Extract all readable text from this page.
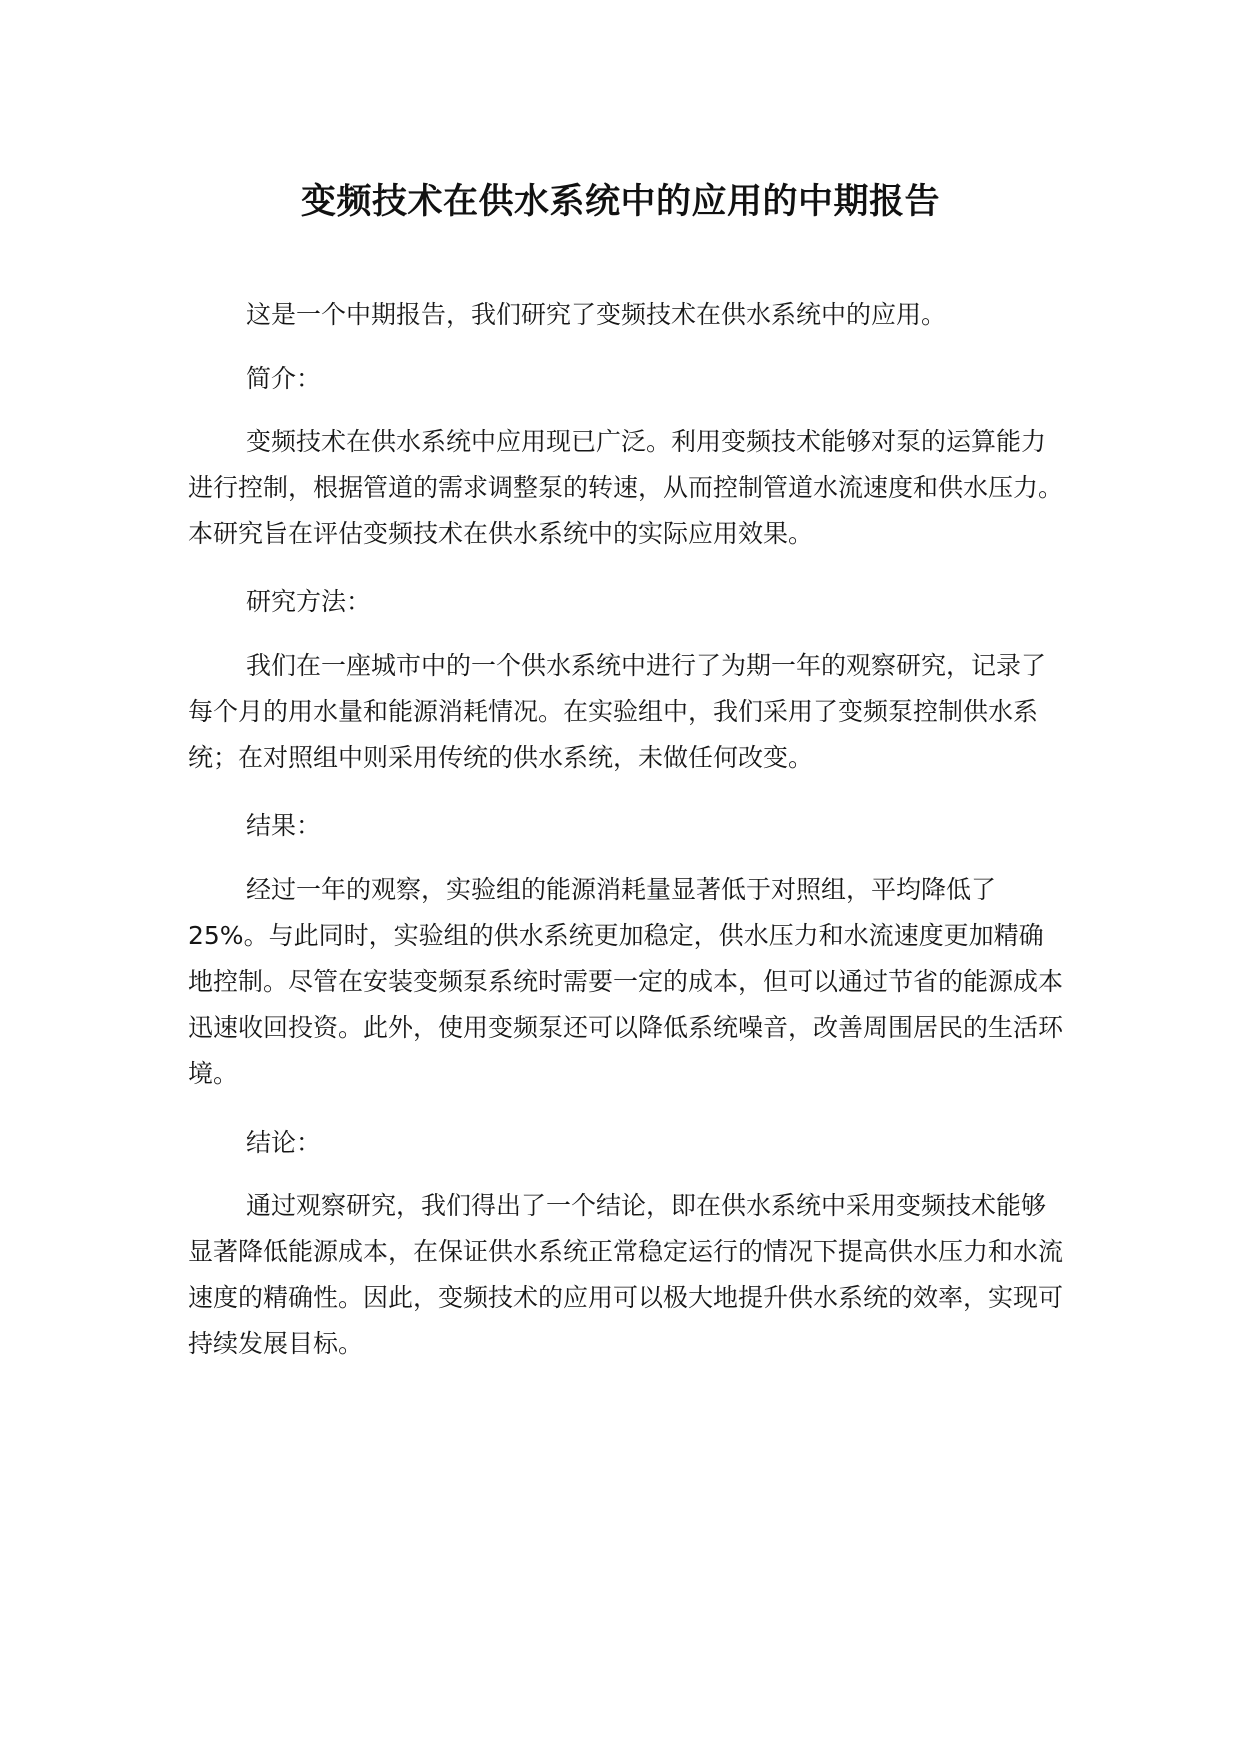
变频技术在供水系统中的应用的中期报告

这是一个中期报告，我们研究了变频技术在供水系统中的应用。

简介：

变频技术在供水系统中应用现已广泛。利用变频技术能够对泵的运算能力进行控制，根据管道的需求调整泵的转速，从而控制管道水流速度和供水压力。本研究旨在评估变频技术在供水系统中的实际应用效果。

研究方法：

我们在一座城市中的一个供水系统中进行了为期一年的观察研究，记录了每个月的用水量和能源消耗情况。在实验组中，我们采用了变频泵控制供水系统；在对照组中则采用传统的供水系统，未做任何改变。

结果：

经过一年的观察，实验组的能源消耗量显著低于对照组，平均降低了 25%。与此同时，实验组的供水系统更加稳定，供水压力和水流速度更加精确地控制。尽管在安装变频泵系统时需要一定的成本，但可以通过节省的能源成本迅速收回投资。此外，使用变频泵还可以降低系统噪音，改善周围居民的生活环境。

结论：

通过观察研究，我们得出了一个结论，即在供水系统中采用变频技术能够显著降低能源成本，在保证供水系统正常稳定运行的情况下提高供水压力和水流速度的精确性。因此，变频技术的应用可以极大地提升供水系统的效率，实现可持续发展目标。
